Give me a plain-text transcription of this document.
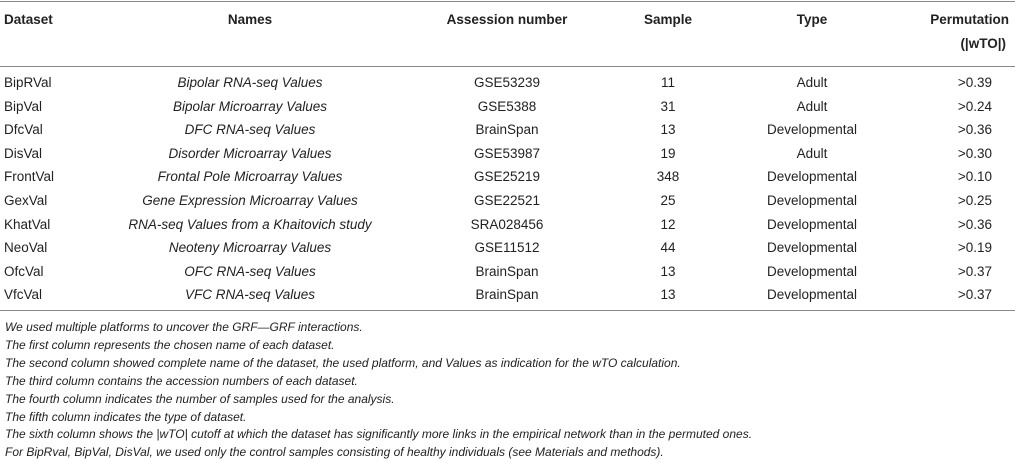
Dataset	Names	Assession number	Sample	Type	Permutation
(|wTO|)
BipRVal	Bipolar RNA-seq Values	GSE53239	11	Adult	>0.39
BipVal	Bipolar Microarray Values	GSE5388	31	Adult	>0.24
DfcVal	DFC RNA-seq Values	BrainSpan	13	Developmental	>0.36
DisVal	Disorder Microarray Values	GSE53987	19	Adult	>0.30
FrontVal	Frontal Pole Microarray Values	GSE25219	348	Developmental	>0.10
GexVal	Gene Expression Microarray Values	GSE22521	25	Developmental	>0.25
KhatVal	RNA-seq Values from a Khaitovich study	SRA028456	12	Developmental	>0.36
NeoVal	Neoteny Microarray Values	GSE11512	44	Developmental	>0.19
OfcVal	OFC RNA-seq Values	BrainSpan	13	Developmental	>0.37
VfcVal	VFC RNA-seq Values	BrainSpan	13	Developmental	>0.37
We used multiple platforms to uncover the GRF—GRF interactions.
The first column represents the chosen name of each dataset.
The second column showed complete name of the dataset, the used platform, and Values as indication for the wTO calculation.
The third column contains the accession numbers of each dataset.
The fourth column indicates the number of samples used for the analysis.
The fifth column indicates the type of dataset.
The sixth column shows the |wTO| cutoff at which the dataset has significantly more links in the empirical network than in the permuted ones.
For BipRval, BipVal, DisVal, we used only the control samples consisting of healthy individuals (see Materials and methods).
